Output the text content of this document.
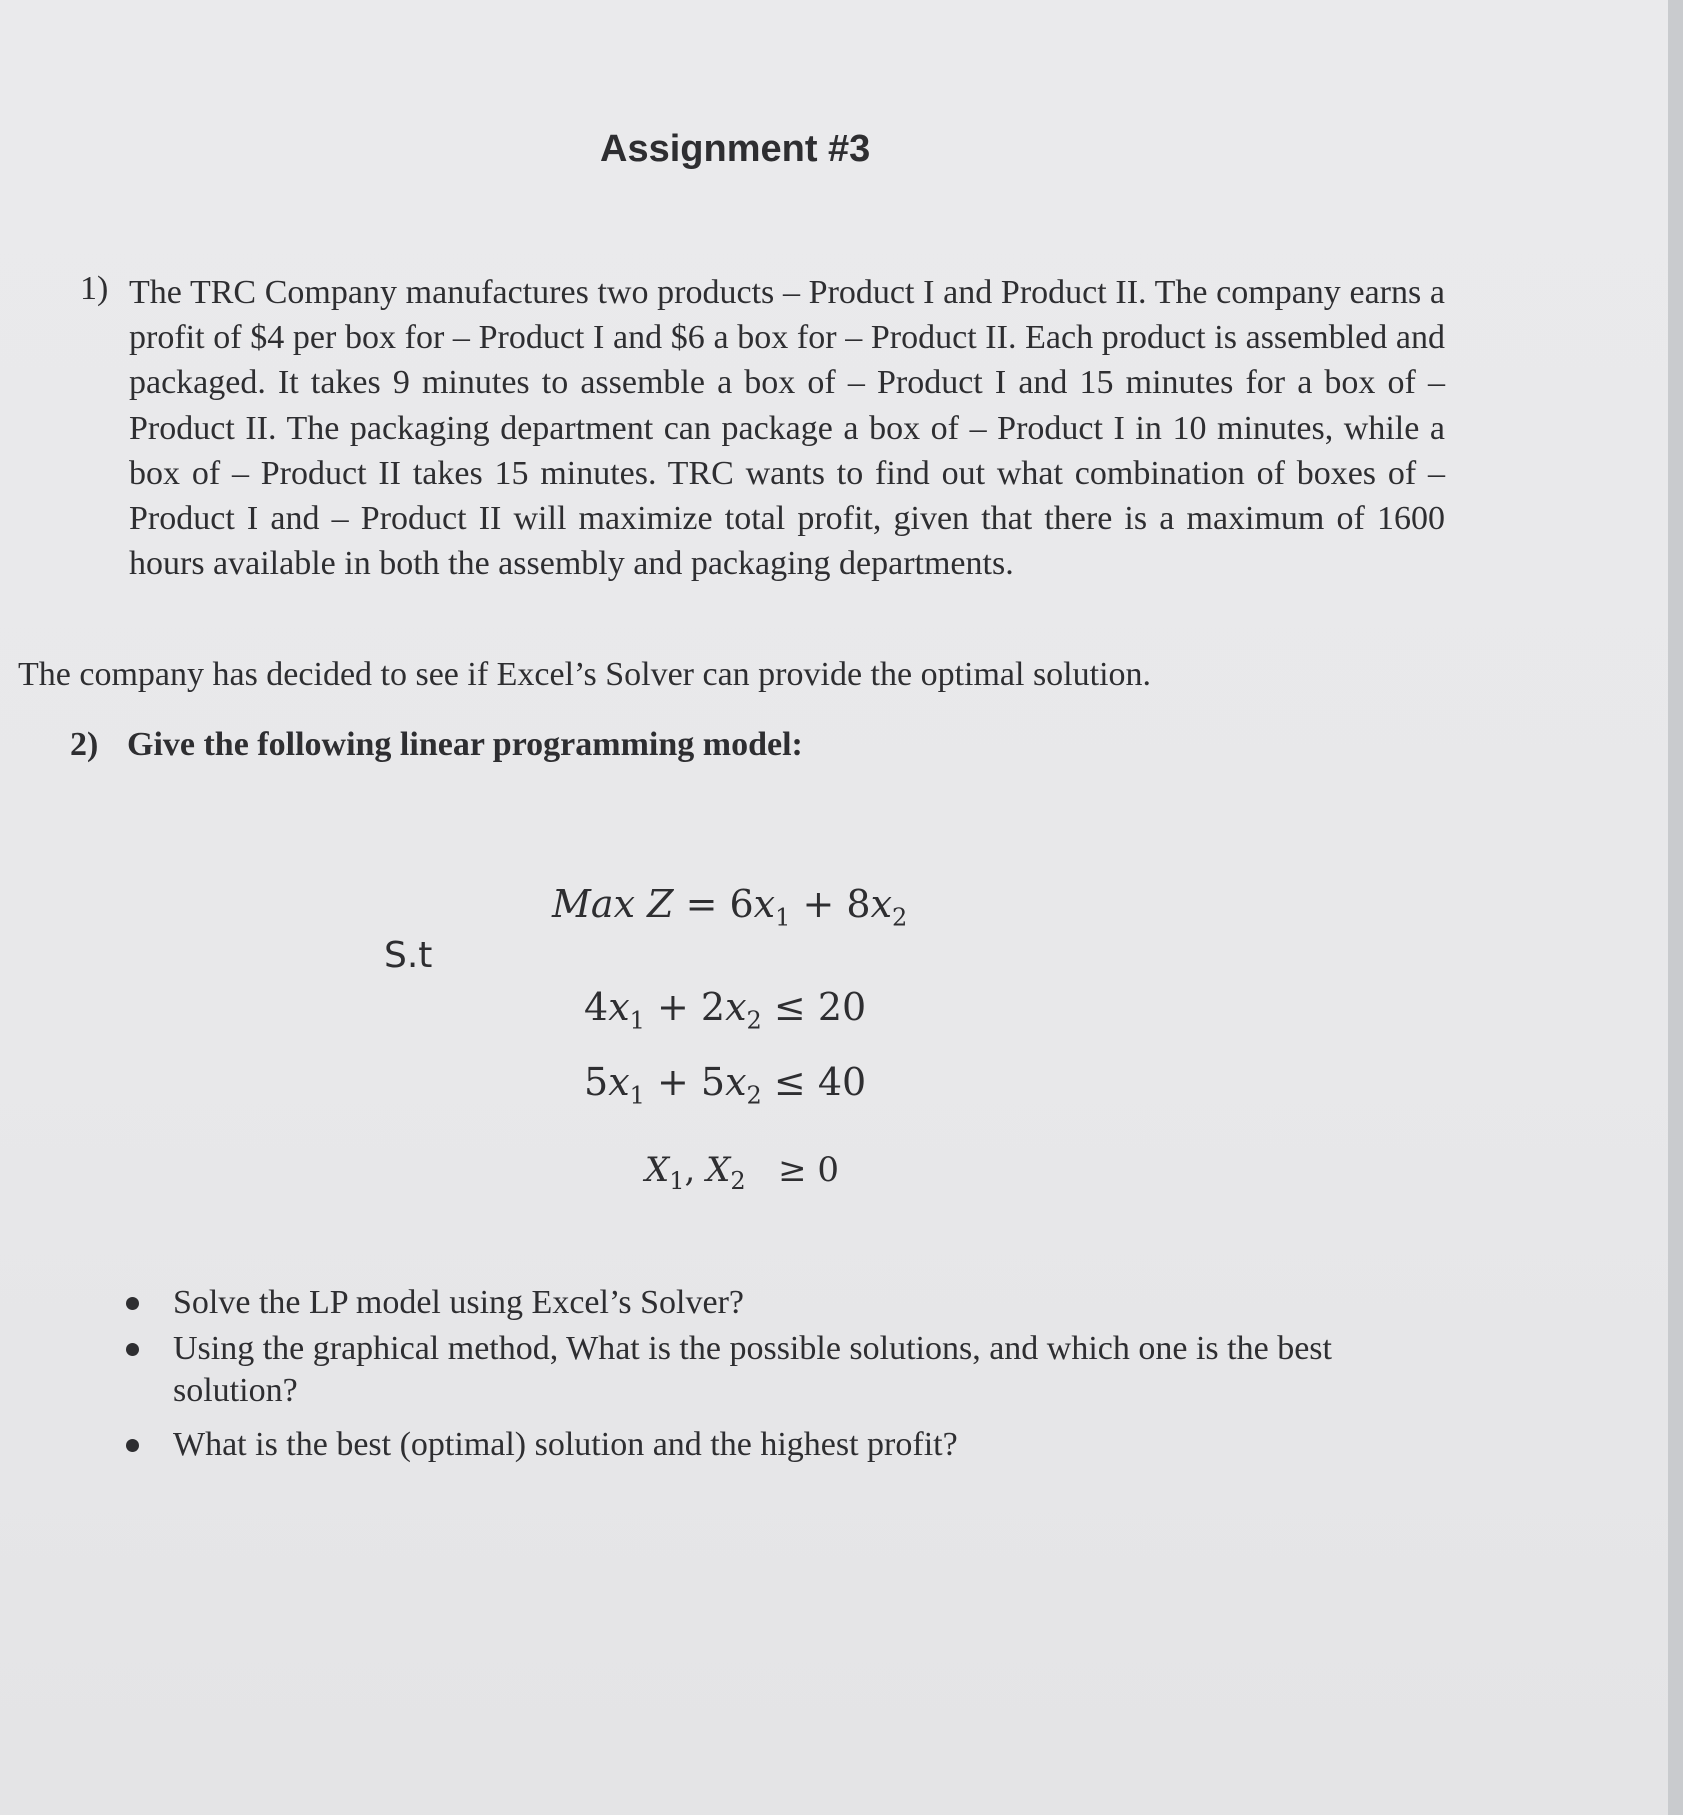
Assignment #3
1) The TRC Company manufactures two products – Product I and Product II. The company earns a profit of $4 per box for – Product I and $6 a box for – Product II. Each product is assembled and packaged. It takes 9 minutes to assemble a box of – Product I and 15 minutes for a box of – Product II. The packaging department can package a box of – Product I in 10 minutes, while a box of – Product II takes 15 minutes. TRC wants to find out what combination of boxes of – Product I and – Product II will maximize total profit, given that there is a maximum of 1600 hours available in both the assembly and packaging departments.
The company has decided to see if Excel’s Solver can provide the optimal solution.
2) Give the following linear programming model:
Max $Z = 6x_1 + 8x_2$
S.t
$4x_1 + 2x_2 \le 20$
$5x_1 + 5x_2 \le 40$
$X_1$, $X_2 \ge 0$
Solve the LP model using Excel’s Solver?
Using the graphical method, What is the possible solutions, and which one is the best solution?
What is the best (optimal) solution and the highest profit?
